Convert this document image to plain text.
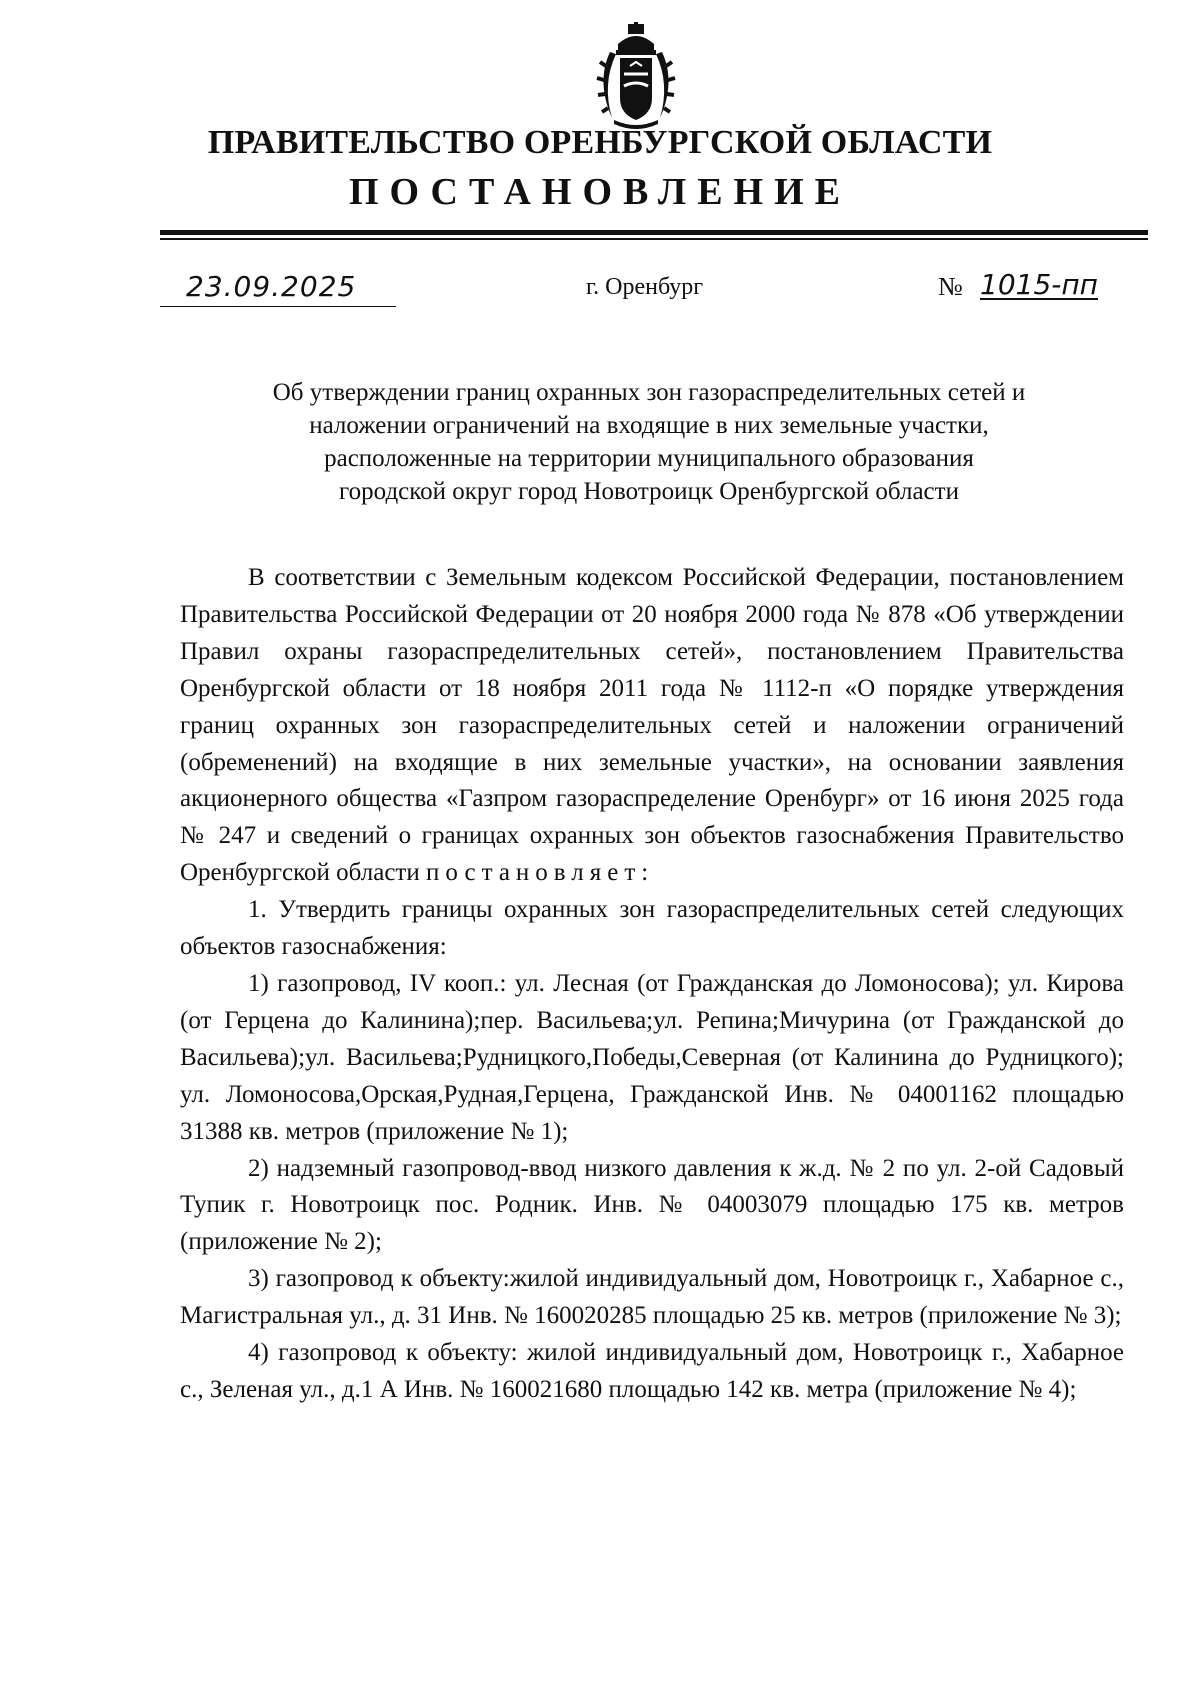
ПРАВИТЕЛЬСТВО ОРЕНБУРГСКОЙ ОБЛАСТИ
ПОСТАНОВЛЕНИЕ
23.09.2025	г. Оренбург	№ 1015-пп
Об утверждении границ охранных зон газораспределительных сетей и
наложении ограничений на входящие в них земельные участки,
расположенные на территории муниципального образования
городской округ город Новотроицк Оренбургской области

В соответствии с Земельным кодексом Российской Федерации, постановлением Правительства Российской Федерации от 20 ноября 2000 года № 878 «Об утверждении Правил охраны газораспределительных сетей», постановлением Правительства Оренбургской области от 18 ноября 2011 года № 1112-п «О порядке утверждения границ охранных зон газораспределительных сетей и наложении ограничений (обременений) на входящие в них земельные участки», на основании заявления акционерного общества «Газпром газораспределение Оренбург» от 16 июня 2025 года № 247 и сведений о границах охранных зон объектов газоснабжения Правительство Оренбургской области постановляет:

1. Утвердить границы охранных зон газораспределительных сетей следующих объектов газоснабжения:

1) газопровод, IV кооп.: ул. Лесная (от Гражданская до Ломоносова); ул. Кирова (от Герцена до Калинина);пер. Васильева;ул. Репина;Мичурина (от Гражданской до Васильева);ул. Васильева;Рудницкого,Победы,Северная (от Калинина до Рудницкого); ул. Ломоносова,Орская,Рудная,Герцена, Гражданской Инв. № 04001162 площадью 31388 кв. метров (приложение № 1);

2) надземный газопровод-ввод низкого давления к ж.д. № 2 по ул. 2-ой Садовый Тупик г. Новотроицк пос. Родник. Инв. № 04003079 площадью 175 кв. метров (приложение № 2);

3) газопровод к объекту:жилой индивидуальный дом, Новотроицк г., Хабарное с., Магистральная ул., д. 31 Инв. № 160020285 площадью 25 кв. метров (приложение № 3);

4) газопровод к объекту: жилой индивидуальный дом, Новотроицк г., Хабарное с., Зеленая ул., д.1 А Инв. № 160021680 площадью 142 кв. метра (приложение № 4);
